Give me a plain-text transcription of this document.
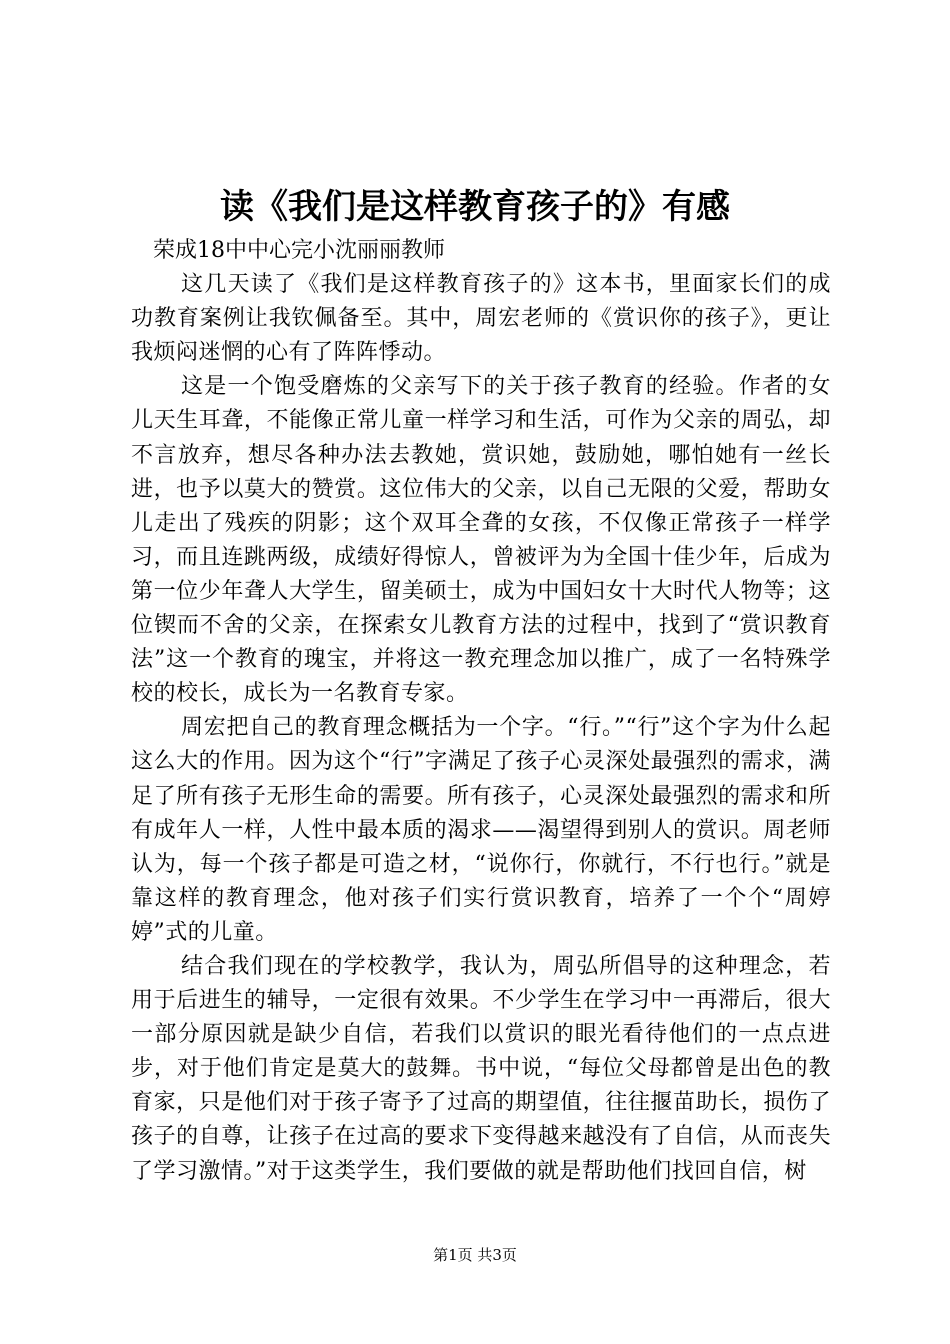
读《我们是这样教育孩子的》有感

荣成18中中心完小沈丽丽教师

这几天读了《我们是这样教育孩子的》这本书，里面家长们的成功教育案例让我钦佩备至。其中，周宏老师的《赏识你的孩子》，更让我烦闷迷惘的心有了阵阵悸动。

这是一个饱受磨炼的父亲写下的关于孩子教育的经验。作者的女儿天生耳聋，不能像正常儿童一样学习和生活，可作为父亲的周弘，却不言放弃，想尽各种办法去教她，赏识她，鼓励她，哪怕她有一丝长进，也予以莫大的赞赏。这位伟大的父亲，以自己无限的父爱，帮助女儿走出了残疾的阴影；这个双耳全聋的女孩，不仅像正常孩子一样学习，而且连跳两级，成绩好得惊人，曾被评为为全国十佳少年，后成为第一位少年聋人大学生，留美硕士，成为中国妇女十大时代人物等；这位锲而不舍的父亲，在探索女儿教育方法的过程中，找到了“赏识教育法”这一个教育的瑰宝，并将这一教充理念加以推广，成了一名特殊学校的校长，成长为一名教育专家。

周宏把自己的教育理念概括为一个字。“行。”“行”这个字为什么起这么大的作用。因为这个“行”字满足了孩子心灵深处最强烈的需求，满足了所有孩子无形生命的需要。所有孩子，心灵深处最强烈的需求和所有成年人一样，人性中最本质的渴求——渴望得到别人的赏识。周老师认为，每一个孩子都是可造之材，“说你行，你就行，不行也行。”就是靠这样的教育理念，他对孩子们实行赏识教育，培养了一个个“周婷婷”式的儿童。

结合我们现在的学校教学，我认为，周弘所倡导的这种理念，若用于后进生的辅导，一定很有效果。不少学生在学习中一再滞后，很大一部分原因就是缺少自信，若我们以赏识的眼光看待他们的一点点进步，对于他们肯定是莫大的鼓舞。书中说，“每位父母都曾是出色的教育家，只是他们对于孩子寄予了过高的期望值，往往揠苗助长，损伤了孩子的自尊，让孩子在过高的要求下变得越来越没有了自信，从而丧失了学习激情。”对于这类学生，我们要做的就是帮助他们找回自信，树

第1页 共3页
